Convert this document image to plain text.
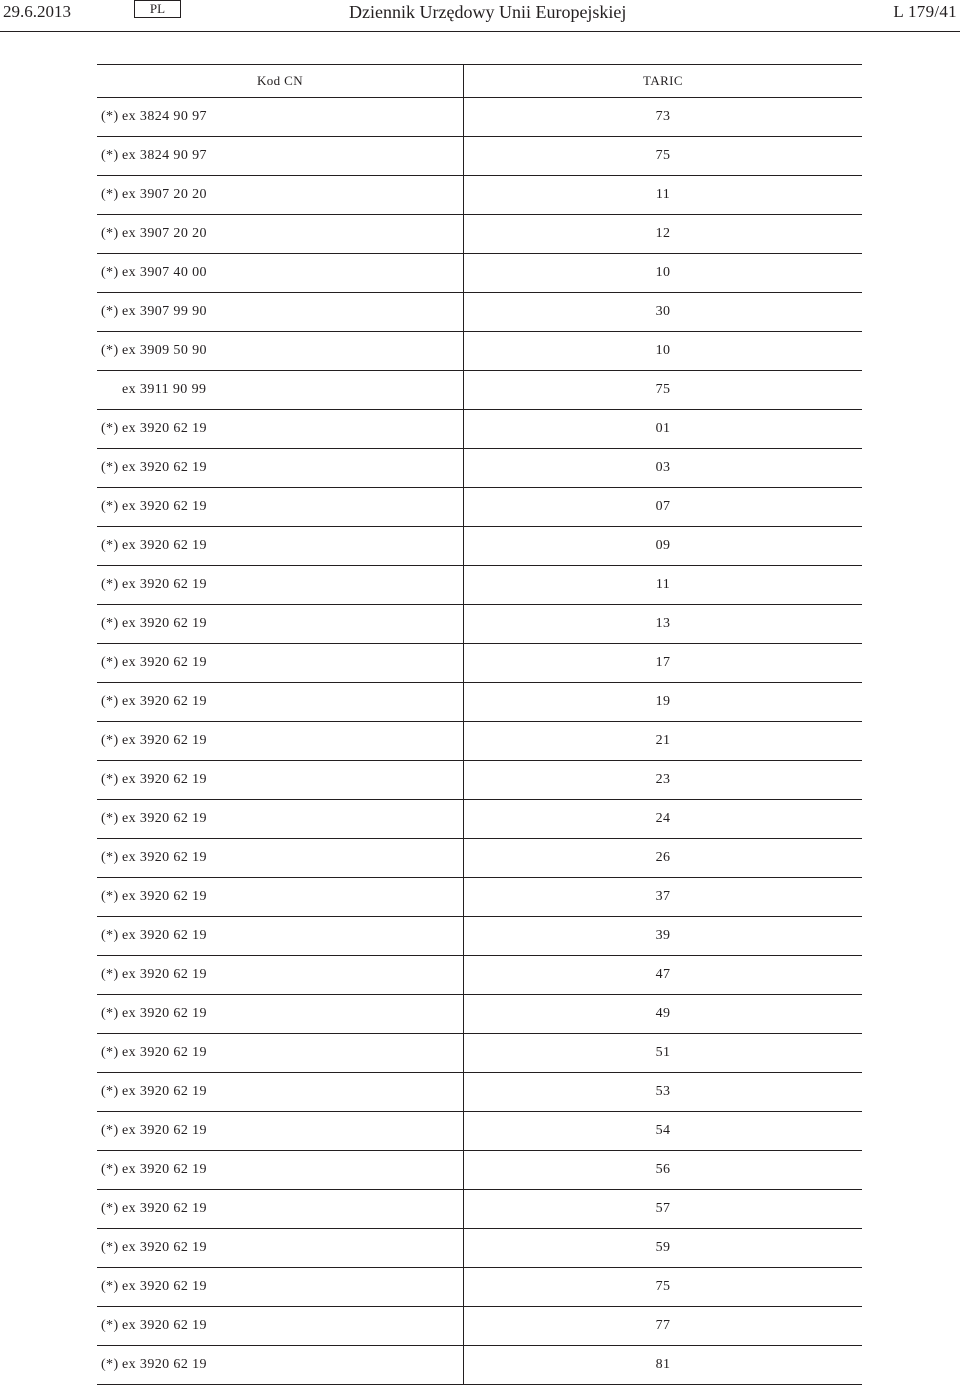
29.6.2013	PL	Dziennik Urzędowy Unii Europejskiej	L 179/41
Kod CN	TARIC
(*) ex 3824 90 97	73
(*) ex 3824 90 97	75
(*) ex 3907 20 20	11
(*) ex 3907 20 20	12
(*) ex 3907 40 00	10
(*) ex 3907 99 90	30
(*) ex 3909 50 90	10
ex 3911 90 99	75
(*) ex 3920 62 19	01
(*) ex 3920 62 19	03
(*) ex 3920 62 19	07
(*) ex 3920 62 19	09
(*) ex 3920 62 19	11
(*) ex 3920 62 19	13
(*) ex 3920 62 19	17
(*) ex 3920 62 19	19
(*) ex 3920 62 19	21
(*) ex 3920 62 19	23
(*) ex 3920 62 19	24
(*) ex 3920 62 19	26
(*) ex 3920 62 19	37
(*) ex 3920 62 19	39
(*) ex 3920 62 19	47
(*) ex 3920 62 19	49
(*) ex 3920 62 19	51
(*) ex 3920 62 19	53
(*) ex 3920 62 19	54
(*) ex 3920 62 19	56
(*) ex 3920 62 19	57
(*) ex 3920 62 19	59
(*) ex 3920 62 19	75
(*) ex 3920 62 19	77
(*) ex 3920 62 19	81
